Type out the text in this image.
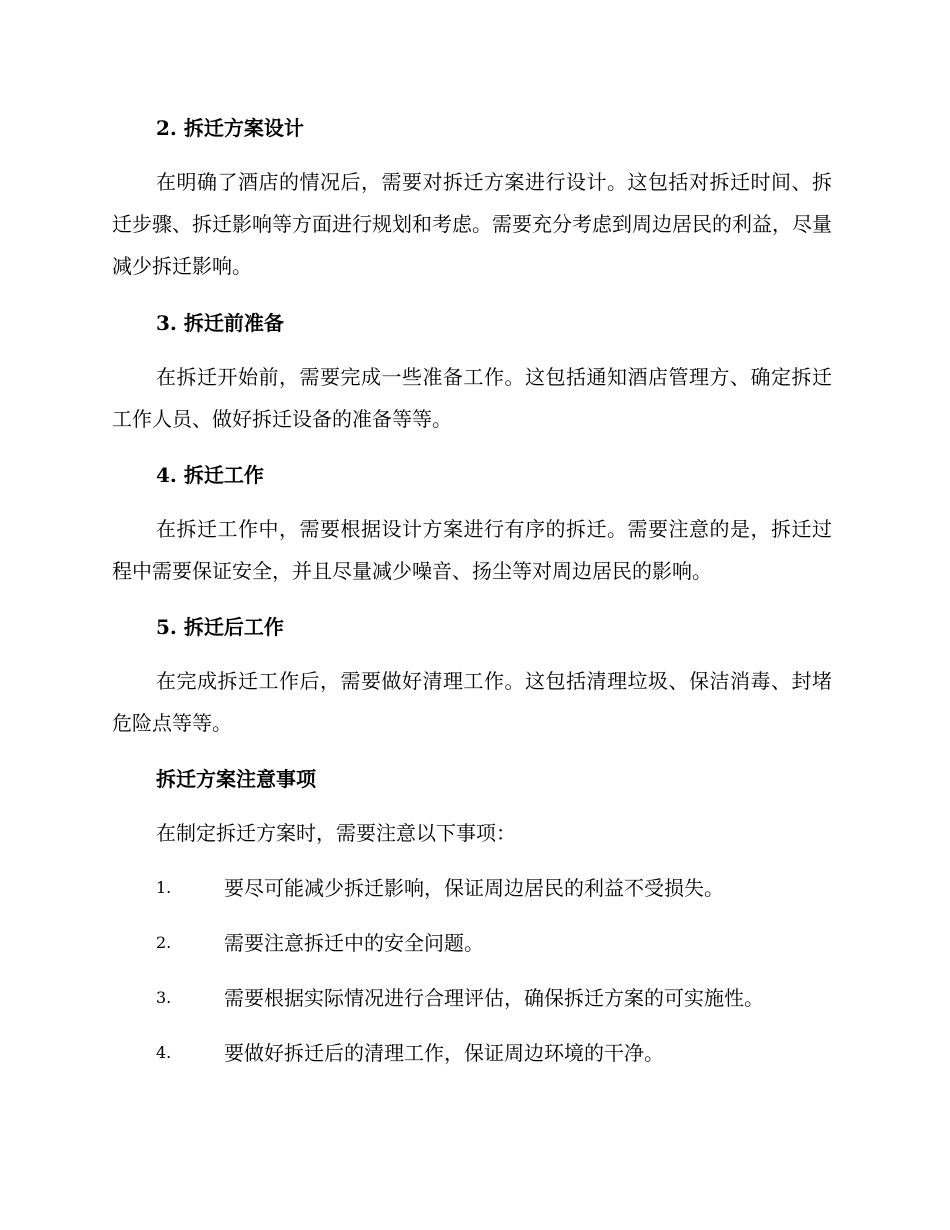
2. 拆迁方案设计
在明确了酒店的情况后，需要对拆迁方案进行设计。这包括对拆迁时间、拆迁步骤、拆迁影响等方面进行规划和考虑。需要充分考虑到周边居民的利益，尽量减少拆迁影响。
3. 拆迁前准备
在拆迁开始前，需要完成一些准备工作。这包括通知酒店管理方、确定拆迁工作人员、做好拆迁设备的准备等等。
4. 拆迁工作
在拆迁工作中，需要根据设计方案进行有序的拆迁。需要注意的是，拆迁过程中需要保证安全，并且尽量减少噪音、扬尘等对周边居民的影响。
5. 拆迁后工作
在完成拆迁工作后，需要做好清理工作。这包括清理垃圾、保洁消毒、封堵危险点等等。
拆迁方案注意事项
在制定拆迁方案时，需要注意以下事项：
1.	要尽可能减少拆迁影响，保证周边居民的利益不受损失。
2.	需要注意拆迁中的安全问题。
3.	需要根据实际情况进行合理评估，确保拆迁方案的可实施性。
4.	要做好拆迁后的清理工作，保证周边环境的干净。
